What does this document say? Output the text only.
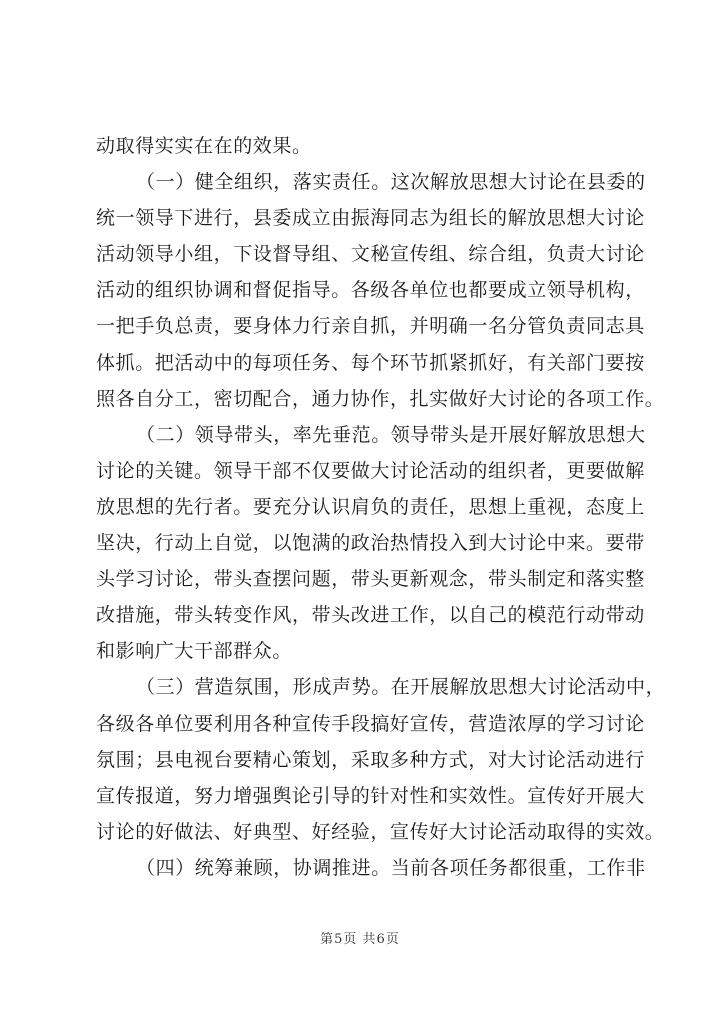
动取得实实在在的效果。
（一）健全组织，落实责任。这次解放思想大讨论在县委的
统一领导下进行，县委成立由振海同志为组长的解放思想大讨论
活动领导小组，下设督导组、文秘宣传组、综合组，负责大讨论
活动的组织协调和督促指导。各级各单位也都要成立领导机构，
一把手负总责，要身体力行亲自抓，并明确一名分管负责同志具
体抓。把活动中的每项任务、每个环节抓紧抓好，有关部门要按
照各自分工，密切配合，通力协作，扎实做好大讨论的各项工作。
（二）领导带头，率先垂范。领导带头是开展好解放思想大
讨论的关键。领导干部不仅要做大讨论活动的组织者，更要做解
放思想的先行者。要充分认识肩负的责任，思想上重视，态度上
坚决，行动上自觉，以饱满的政治热情投入到大讨论中来。要带
头学习讨论，带头查摆问题，带头更新观念，带头制定和落实整
改措施，带头转变作风，带头改进工作，以自己的模范行动带动
和影响广大干部群众。
（三）营造氛围，形成声势。在开展解放思想大讨论活动中，
各级各单位要利用各种宣传手段搞好宣传，营造浓厚的学习讨论
氛围；县电视台要精心策划，采取多种方式，对大讨论活动进行
宣传报道，努力增强舆论引导的针对性和实效性。宣传好开展大
讨论的好做法、好典型、好经验，宣传好大讨论活动取得的实效。
（四）统筹兼顾，协调推进。当前各项任务都很重，工作非
第5页 共6页
